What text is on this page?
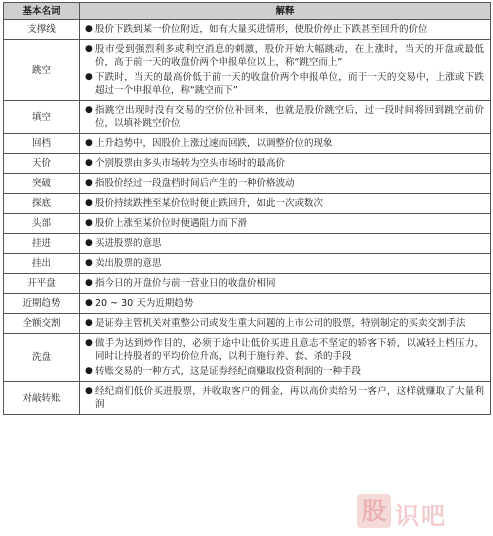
基本名词	解释
支撑线	● 股价下跌到某一价位附近，如有大量买进情形，使股价停止下跌甚至回升的价位

跳空	● 股市受到强烈利多或利空消息的刺激，股价开始大幅跳动，在上涨时，当天的开盘或最低价，高于前一天的收盘价两个申报单位以上，称“跳空而上”
● 下跌时，当天的最高价低于前一天的收盘价两个申报单位，而于一天的交易中，上涨或下跌超过一个申报单位，称“跳空而下”

填空	● 指跳空出现时没有交易的空价位补回来，也就是股价跳空后，过一段时间将回到跳空前价位，以填补跳空价位

回档	● 上升趋势中，因股价上涨过速而回跌，以调整价位的现象

天价	● 个别股票由多头市场转为空头市场时的最高价

突破	● 指股价经过一段盘档时间后产生的一种价格波动

探底	● 股价持续跌挫至某价位时便止跌回升，如此一次或数次

头部	● 股价上涨至某价位时便遇阻力而下滑

挂进	● 买进股票的意思

挂出	● 卖出股票的意思

开平盘	● 指今日的开盘价与前一营业日的收盘价相同

近期趋势	● 20 ~ 30 天为近期趋势

全额交割	● 是证券主管机关对重整公司或发生重大问题的上市公司的股票，特别制定的买卖交割手法

洗盘	● 做手为达到炒作目的，必须于途中让低价买进且意志不坚定的轿客下轿，以减轻上档压力，同时让持股者的平均价位升高，以利于施行养、套、杀的手段
● 转账交易的一种方式，这是证券经纪商赚取投资利润的一种手段

对敲转账	● 经纪商们低价买进股票，并收取客户的佣金，再以高价卖给另一客户，这样就赚取了大量利润
股 识吧
